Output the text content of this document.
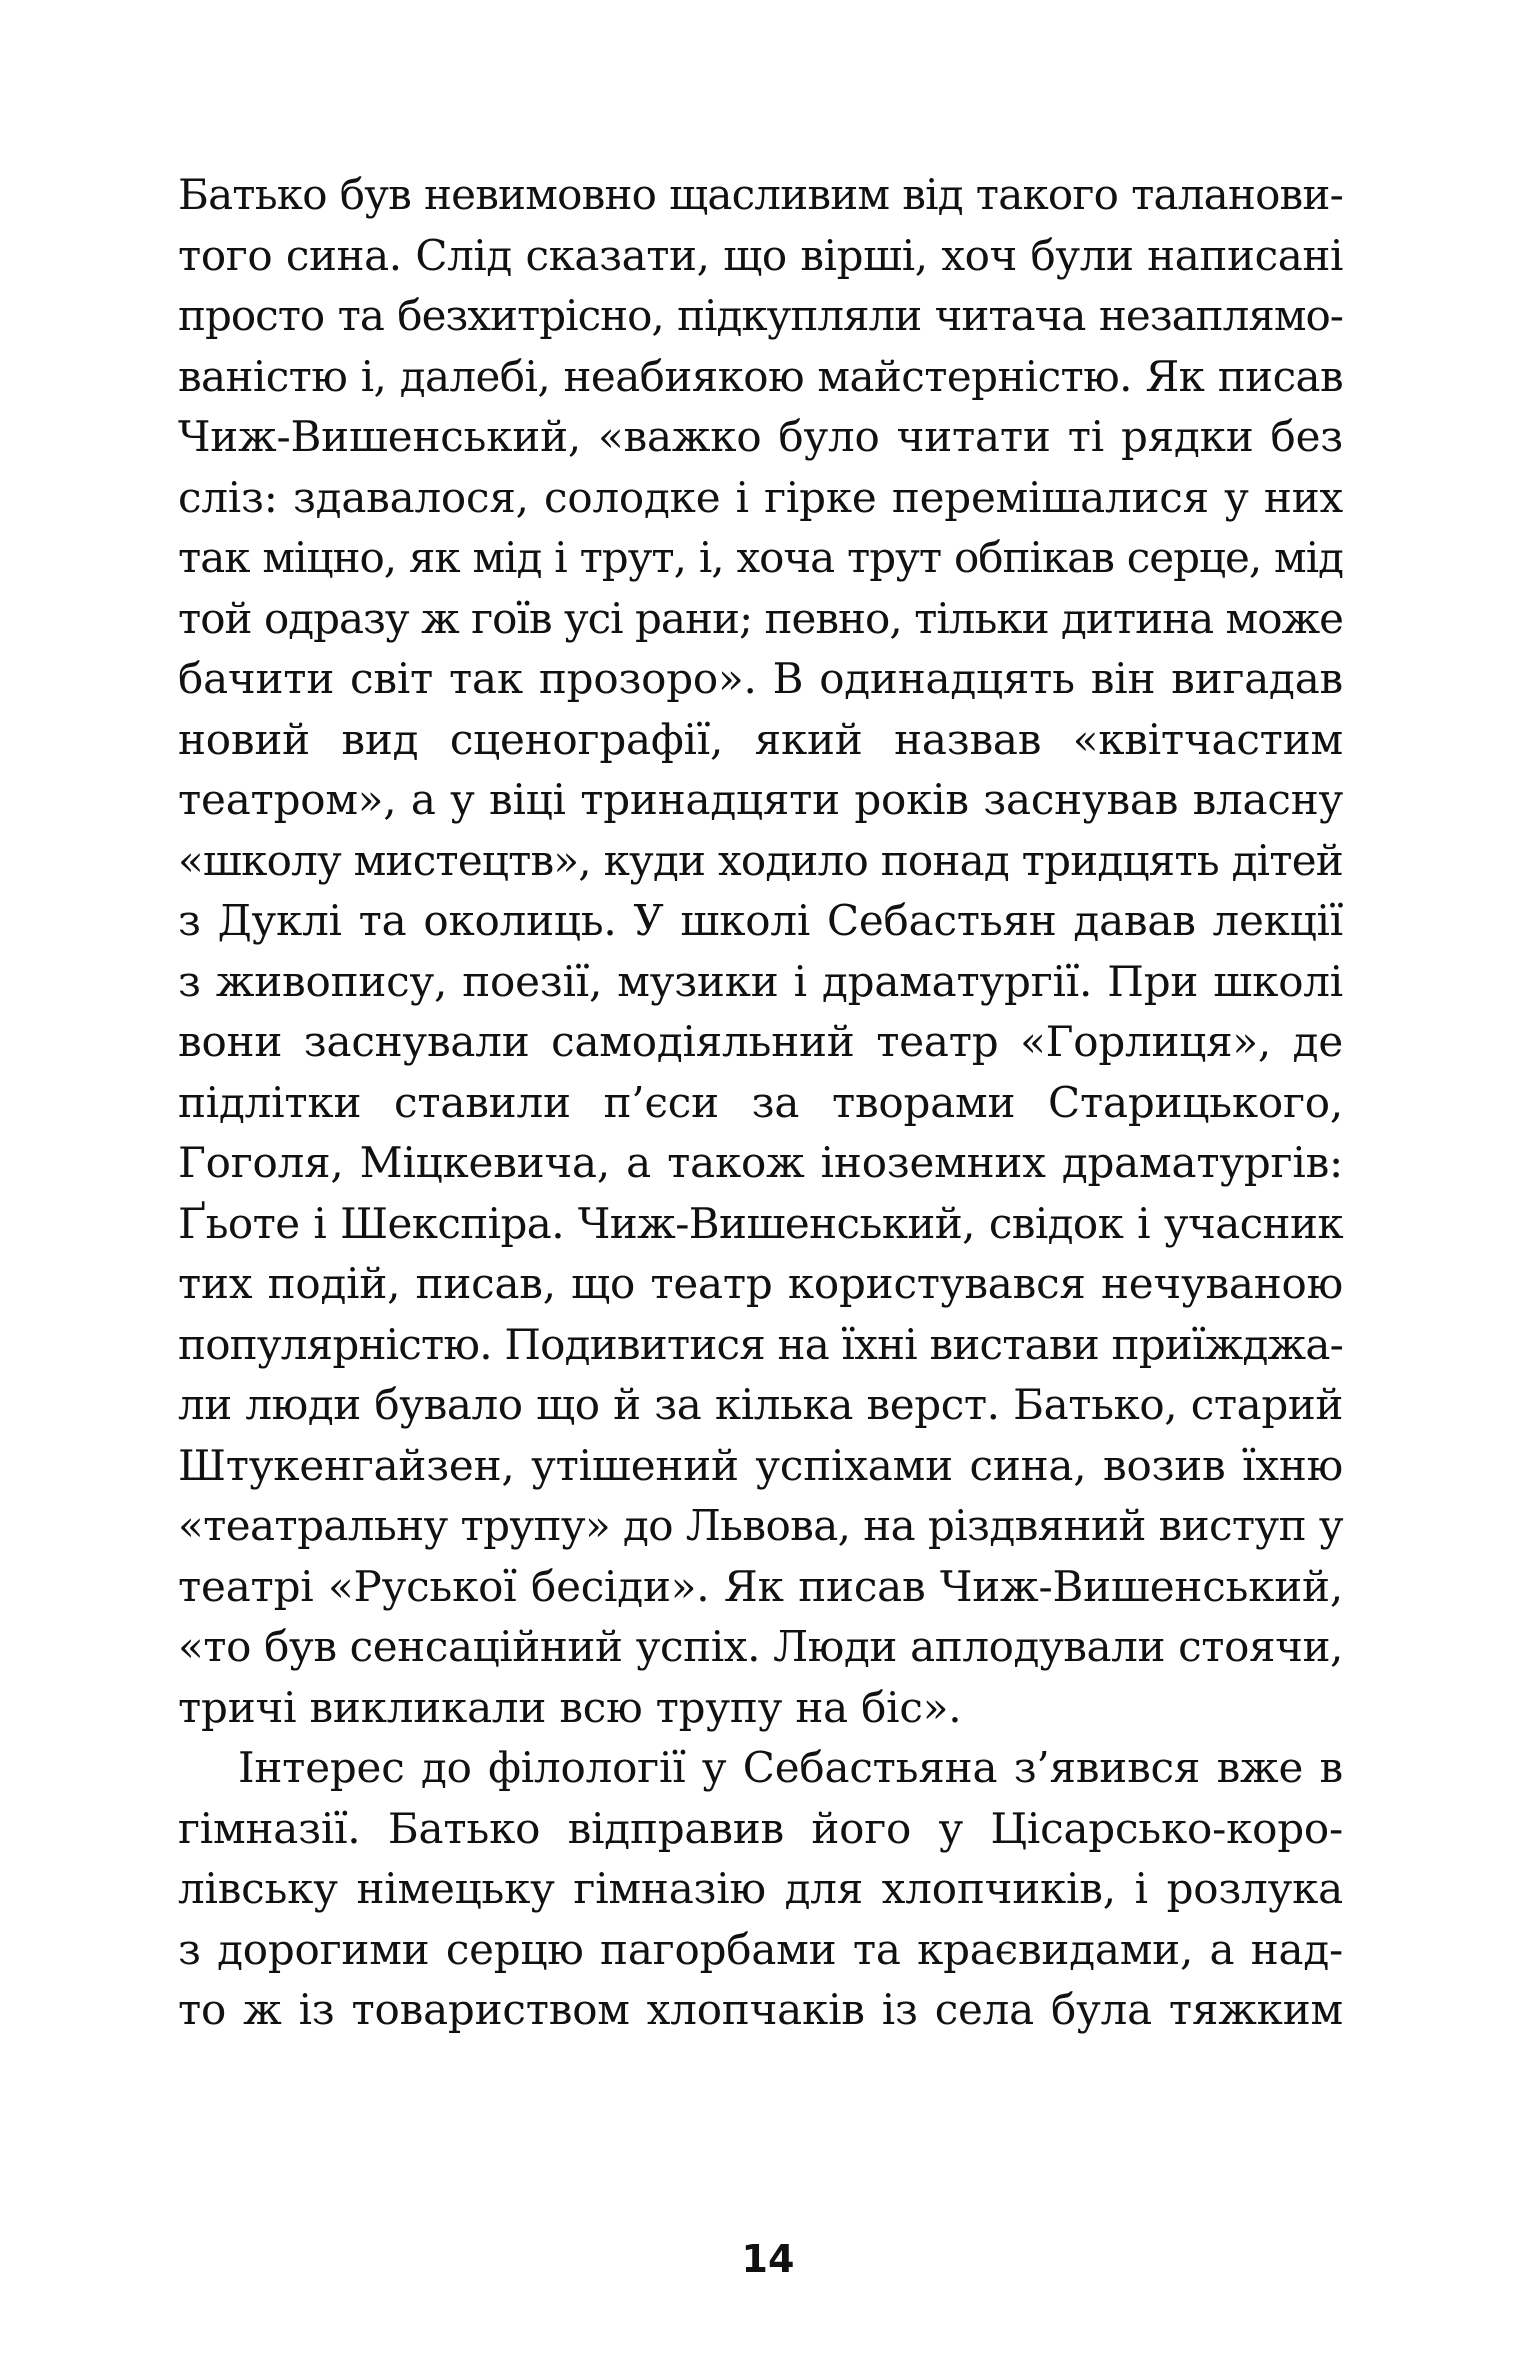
Батько був невимовно щасливим від такого таланови-
того сина. Слід сказати, що вірші, хоч були написані
просто та безхитрісно, підкупляли читача незаплямо-
ваністю і, далебі, неабиякою майстерністю. Як писав
Чиж-Вишенський, «важко було читати ті рядки без
сліз: здавалося, солодке і гірке перемішалися у них
так міцно, як мід і трут, і, хоча трут обпікав серце, мід
той одразу ж гоїв усі рани; певно, тільки дитина може
бачити світ так прозоро». В одинадцять він вигадав
новий вид сценографії, який назвав «квітчастим
театром», а у віці тринадцяти років заснував власну
«школу мистецтв», куди ходило понад тридцять дітей
з Дуклі та околиць. У школі Себастьян давав лекції
з живопису, поезії, музики і драматургії. При школі
вони заснували самодіяльний театр «Горлиця», де
підлітки ставили п’єси за творами Старицького,
Гоголя, Міцкевича, а також іноземних драматургів:
Ґьоте і Шекспіра. Чиж-Вишенський, свідок і учасник
тих подій, писав, що театр користувався нечуваною
популярністю. Подивитися на їхні вистави приїжджа-
ли люди бувало що й за кілька верст. Батько, старий
Штукенгайзен, утішений успіхами сина, возив їхню
«театральну трупу» до Львова, на різдвяний виступ у
театрі «Руської бесіди». Як писав Чиж-Вишенський,
«то був сенсаційний успіх. Люди аплодували стоячи,
тричі викликали всю трупу на біс».
Інтерес до філології у Себастьяна з’явився вже в
гімназії. Батько відправив його у Цісарсько-коро-
лівську німецьку гімназію для хлопчиків, і розлука
з дорогими серцю пагорбами та краєвидами, а над-
то ж із товариством хлопчаків із села була тяжким
14
